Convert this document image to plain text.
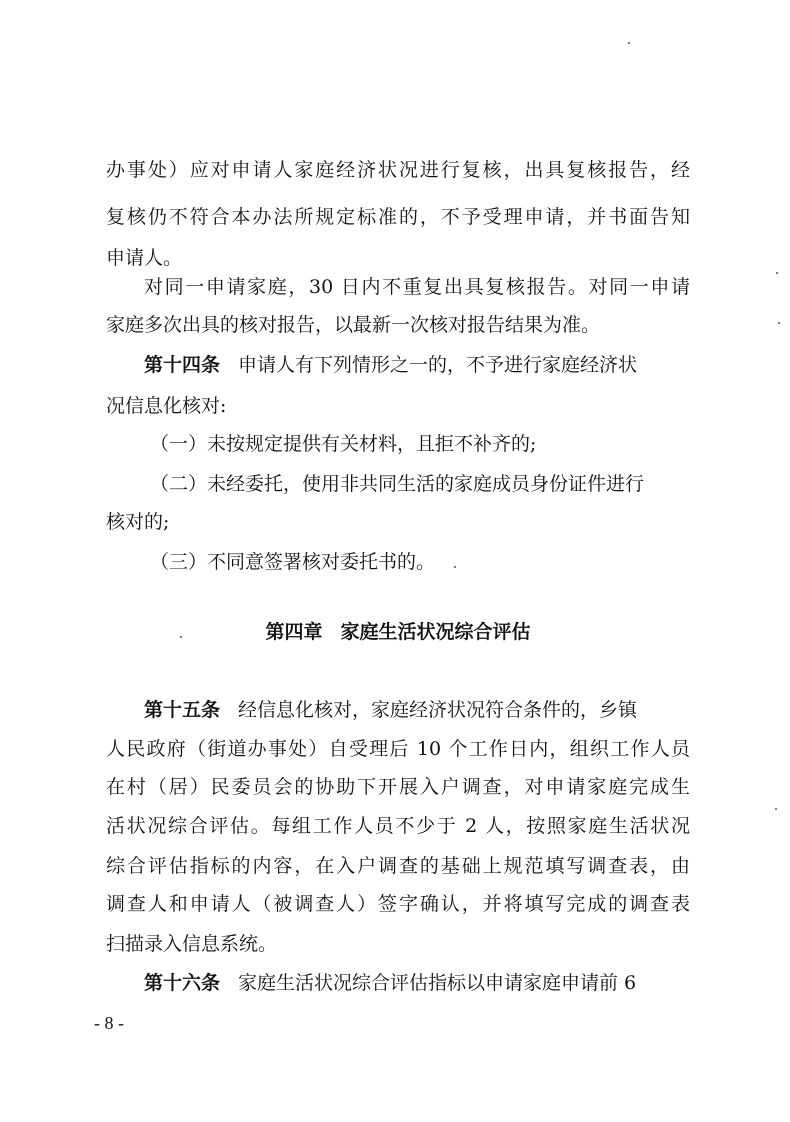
办事处）应对申请人家庭经济状况进行复核，出具复核报告，经
复核仍不符合本办法所规定标准的，不予受理申请，并书面告知
申请人。
对同一申请家庭，30 日内不重复出具复核报告。对同一申请
家庭多次出具的核对报告，以最新一次核对报告结果为准。
第十四条 申请人有下列情形之一的，不予进行家庭经济状
况信息化核对:
（一）未按规定提供有关材料，且拒不补齐的;
（二）未经委托，使用非共同生活的家庭成员身份证件进行
核对的;
（三）不同意签署核对委托书的。
第四章 家庭生活状况综合评估
第十五条 经信息化核对，家庭经济状况符合条件的，乡镇
人民政府（街道办事处）自受理后 10 个工作日内，组织工作人员
在村（居）民委员会的协助下开展入户调查，对申请家庭完成生
活状况综合评估。每组工作人员不少于 2 人，按照家庭生活状况
综合评估指标的内容，在入户调查的基础上规范填写调查表，由
调查人和申请人（被调查人）签字确认，并将填写完成的调查表
扫描录入信息系统。
第十六条 家庭生活状况综合评估指标以申请家庭申请前 6
- 8 -
